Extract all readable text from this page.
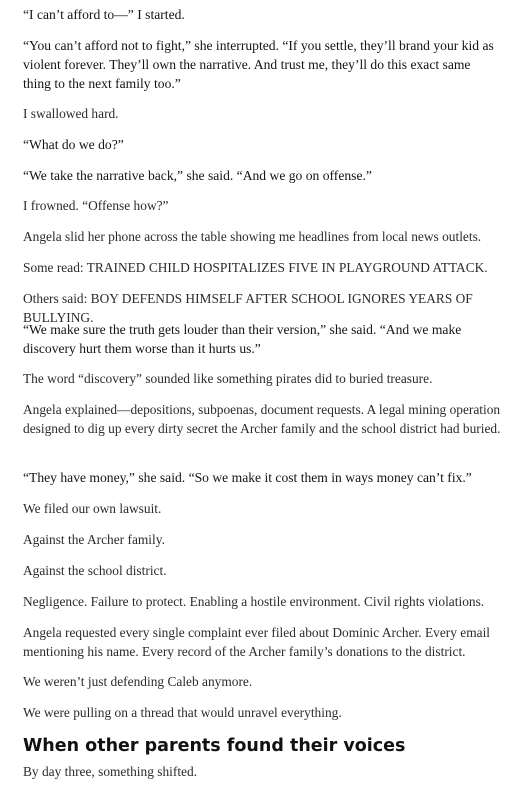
“I can’t afford to—” I started.

“You can’t afford not to fight,” she interrupted. “If you settle, they’ll brand your kid as violent forever. They’ll own the narrative. And trust me, they’ll do this exact same thing to the next family too.”

I swallowed hard.

“What do we do?”

“We take the narrative back,” she said. “And we go on offense.”

I frowned. “Offense how?”

Angela slid her phone across the table showing me headlines from local news outlets.

Some read: TRAINED CHILD HOSPITALIZES FIVE IN PLAYGROUND ATTACK.

Others said: BOY DEFENDS HIMSELF AFTER SCHOOL IGNORES YEARS OF BULLYING.

“We make sure the truth gets louder than their version,” she said. “And we make discovery hurt them worse than it hurts us.”

The word “discovery” sounded like something pirates did to buried treasure.

Angela explained—depositions, subpoenas, document requests. A legal mining operation designed to dig up every dirty secret the Archer family and the school district had buried.

“They have money,” she said. “So we make it cost them in ways money can’t fix.”

We filed our own lawsuit.

Against the Archer family.

Against the school district.

Negligence. Failure to protect. Enabling a hostile environment. Civil rights violations.

Angela requested every single complaint ever filed about Dominic Archer. Every email mentioning his name. Every record of the Archer family’s donations to the district.

We weren’t just defending Caleb anymore.

We were pulling on a thread that would unravel everything.

When other parents found their voices

By day three, something shifted.
